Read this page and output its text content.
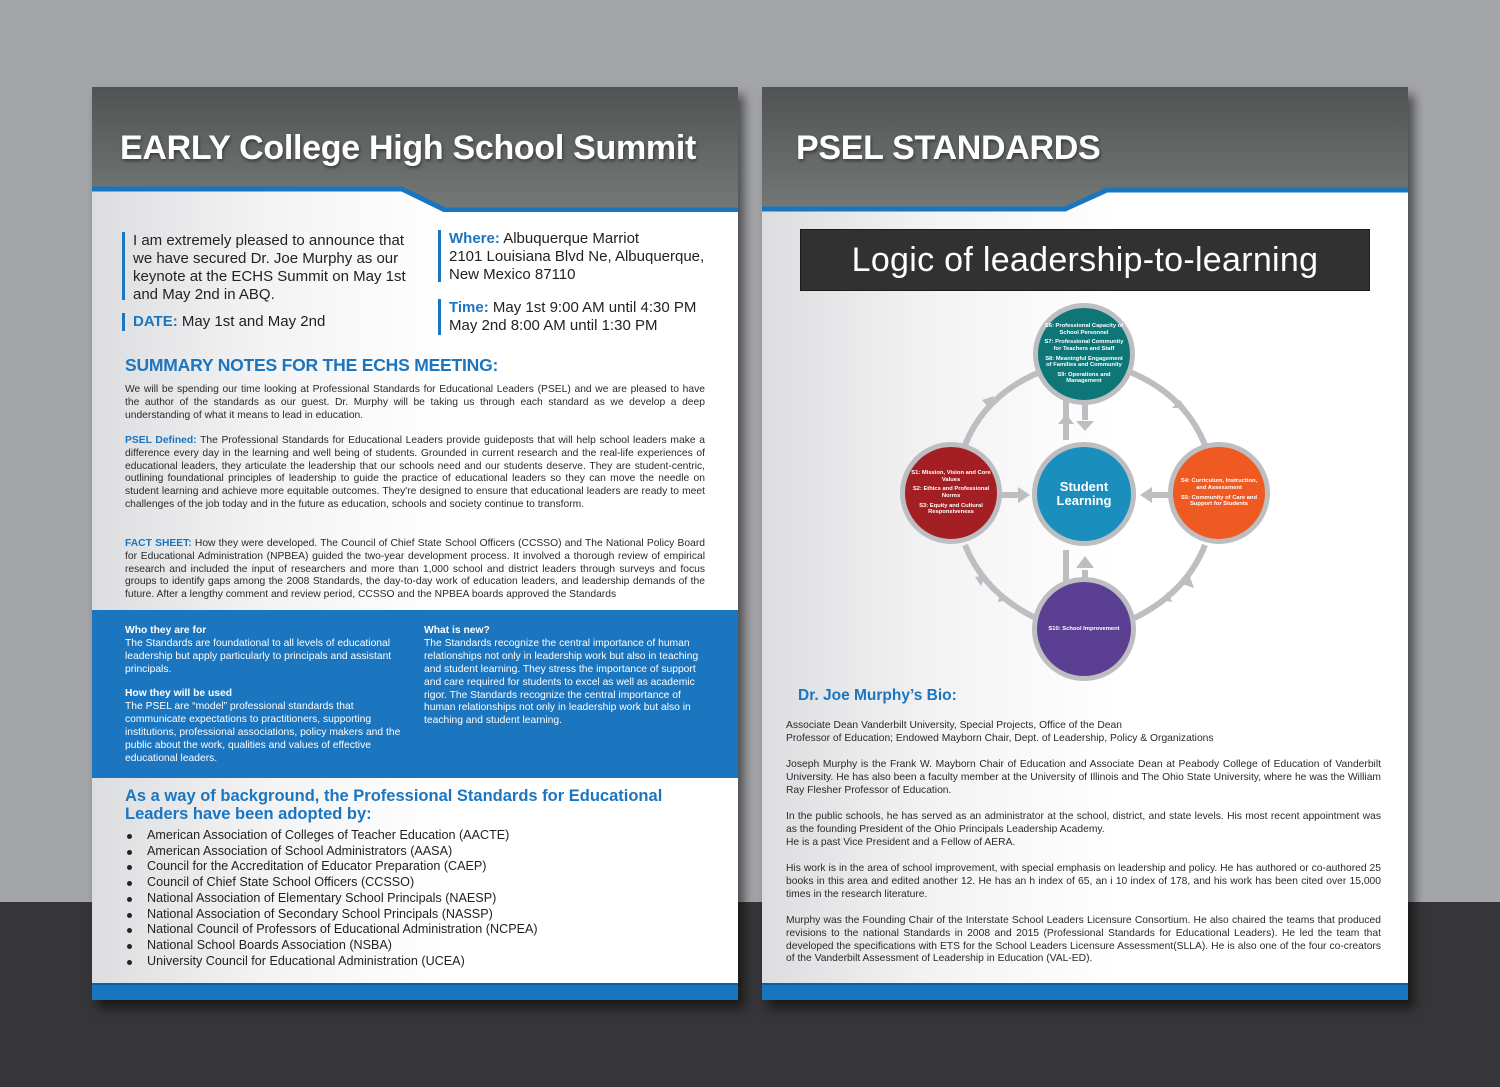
EARLY College High School Summit
I am extremely pleased to announce that we have secured Dr. Joe Murphy as our keynote at the ECHS Summit on May 1st and May 2nd in ABQ.
DATE: May 1st and May 2nd
Where: Albuquerque Marriot
2101 Louisiana Blvd Ne, Albuquerque,
New Mexico 87110
Time: May 1st 9:00 AM until 4:30 PM
May 2nd 8:00 AM until 1:30 PM
SUMMARY NOTES FOR THE ECHS MEETING:
We will be spending our time looking at Professional Standards for Educational Leaders (PSEL) and we are pleased to have the author of the standards as our guest. Dr. Murphy will be taking us through each standard as we develop a deep understanding of what it means to lead in education.
PSEL Defined: The Professional Standards for Educational Leaders provide guideposts that will help school leaders make a difference every day in the learning and well being of students. Grounded in current research and the real-life experiences of educational leaders, they articulate the leadership that our schools need and our students deserve. They are student-centric, outlining foundational principles of leadership to guide the practice of educational leaders so they can move the needle on student learning and achieve more equitable outcomes. They're designed to ensure that educational leaders are ready to meet challenges of the job today and in the future as education, schools and society continue to transform.
FACT SHEET: How they were developed. The Council of Chief State School Officers (CCSSO) and The National Policy Board for Educational Administration (NPBEA) guided the two-year development process. It involved a thorough review of empirical research and included the input of researchers and more than 1,000 school and district leaders through surveys and focus groups to identify gaps among the 2008 Standards, the day-to-day work of education leaders, and leadership demands of the future. After a lengthy comment and review period, CCSSO and the NPBEA boards approved the Standards
Who they are for
The Standards are foundational to all levels of educational leadership but apply particularly to principals and assistant principals.
How they will be used
The PSEL are “model” professional standards that communicate expectations to practitioners, supporting institutions, professional associations, policy makers and the public about the work, qualities and values of effective educational leaders.
What is new?
The Standards recognize the central importance of human relationships not only in leadership work but also in teaching and student learning. They stress the importance of support and care required for students to excel as well as academic rigor. The Standards recognize the central importance of human relationships not only in leadership work but also in teaching and student learning.
As a way of background, the Professional Standards for Educational Leaders have been adopted by:
American Association of Colleges of Teacher Education (AACTE)
American Association of School Administrators (AASA)
Council for the Accreditation of Educator Preparation (CAEP)
Council of Chief State School Officers (CCSSO)
National Association of Elementary School Principals (NAESP)
National Association of Secondary School Principals (NASSP)
National Council of Professors of Educational Administration (NCPEA)
National School Boards Association (NSBA)
University Council for Educational Administration (UCEA)
PSEL STANDARDS
Logic of leadership-to-learning
S6: Professional Capacity of School Personnel
S7: Professional Community for Teachers and Staff
S8: Meaningful Engagement of Families and Community
S9: Operations and Management
S1: Mission, Vision and Core Values
S2: Ethics and Professional Norms
S3: Equity and Cultural Responsiveness
Student
Learning
S4: Curriculum, Instruction, and Assessment
S5: Community of Care and Support for Students
S10: School Improvement
Dr. Joe Murphy’s Bio:
Associate Dean Vanderbilt University, Special Projects, Office of the Dean
Professor of Education; Endowed Mayborn Chair, Dept. of Leadership, Policy & Organizations
Joseph Murphy is the Frank W. Mayborn Chair of Education and Associate Dean at Peabody College of Education of Vanderbilt University. He has also been a faculty member at the University of Illinois and The Ohio State University, where he was the William Ray Flesher Professor of Education.
In the public schools, he has served as an administrator at the school, district, and state levels. His most recent appointment was as the founding President of the Ohio Principals Leadership Academy.
He is a past Vice President and a Fellow of AERA.
His work is in the area of school improvement, with special emphasis on leadership and policy. He has authored or co-authored 25 books in this area and edited another 12. He has an h index of 65, an i 10 index of 178, and his work has been cited over 15,000 times in the research literature.
Murphy was the Founding Chair of the Interstate School Leaders Licensure Consortium. He also chaired the teams that produced revisions to the national Standards in 2008 and 2015 (Professional Standards for Educational Leaders). He led the team that developed the specifications with ETS for the School Leaders Licensure Assessment(SLLA). He is also one of the four co-creators of the Vanderbilt Assessment of Leadership in Education (VAL-ED).
